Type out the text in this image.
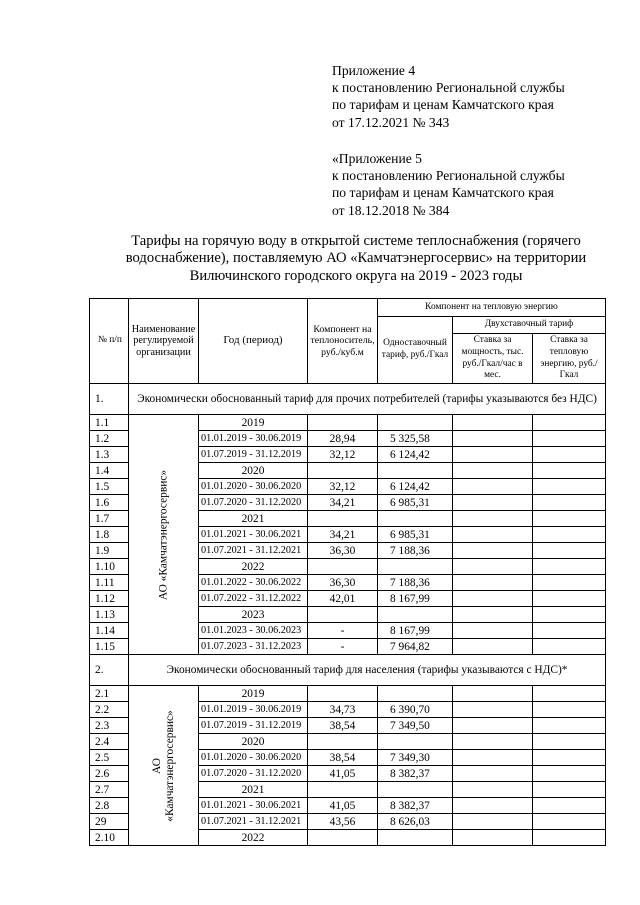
Приложение 4
к постановлению Региональной службы
по тарифам и ценам Камчатского края
от 17.12.2021 № 343
«Приложение 5
к постановлению Региональной службы
по тарифам и ценам Камчатского края
от 18.12.2018 № 384
Тарифы на горячую воду в открытой системе теплоснабжения (горячего
водоснабжение), поставляемую АО «Камчатэнергосервис» на территории
Вилючинского городского округа на 2019 - 2023 годы
№ п/п	Наименование регулируемой организации	Год (период)	Компонент на теплоноситель, руб./куб.м	Компонент на тепловую энергию		
				Одноставочный тариф, руб./Гкал	Двухставочный тариф	
					Ставка за мощность, тыс. руб./Гкал/час в мес.	Ставка за тепловую энергию, руб./Гкал
1.	Экономически обоснованный тариф для прочих потребителей (тарифы указываются без НДС)					
1.1	АО «Камчатэнергосервис»	2019				
1.2		01.01.2019 - 30.06.2019	28,94	5 325,58		
1.3		01.07.2019 - 31.12.2019	32,12	6 124,42		
1.4		2020				
1.5		01.01.2020 - 30.06.2020	32,12	6 124,42		
1.6		01.07.2020 - 31.12.2020	34,21	6 985,31		
1.7		2021				
1.8		01.01.2021 - 30.06.2021	34,21	6 985,31		
1.9		01.07.2021 - 31.12.2021	36,30	7 188,36		
1.10		2022				
1.11		01.01.2022 - 30.06.2022	36,30	7 188,36		
1.12		01.07.2022 - 31.12.2022	42,01	8 167,99		
1.13		2023				
1.14		01.01.2023 - 30.06.2023	-	8 167,99		
1.15		01.07.2023 - 31.12.2023	-	7 964,82		
2.	Экономически обоснованный тариф для населения (тарифы указываются с НДС)*					
2.1	АО «Камчатэнергосервис»	2019				
2.2		01.01.2019 - 30.06.2019	34,73	6 390,70		
2.3		01.07.2019 - 31.12.2019	38,54	7 349,50		
2.4		2020				
2.5		01.01.2020 - 30.06.2020	38,54	7 349,30		
2.6		01.07.2020 - 31.12.2020	41,05	8 382,37		
2.7		2021				
2.8		01.01.2021 - 30.06.2021	41,05	8 382,37		
29		01.07.2021 - 31.12.2021	43,56	8 626,03		
2.10		2022				
